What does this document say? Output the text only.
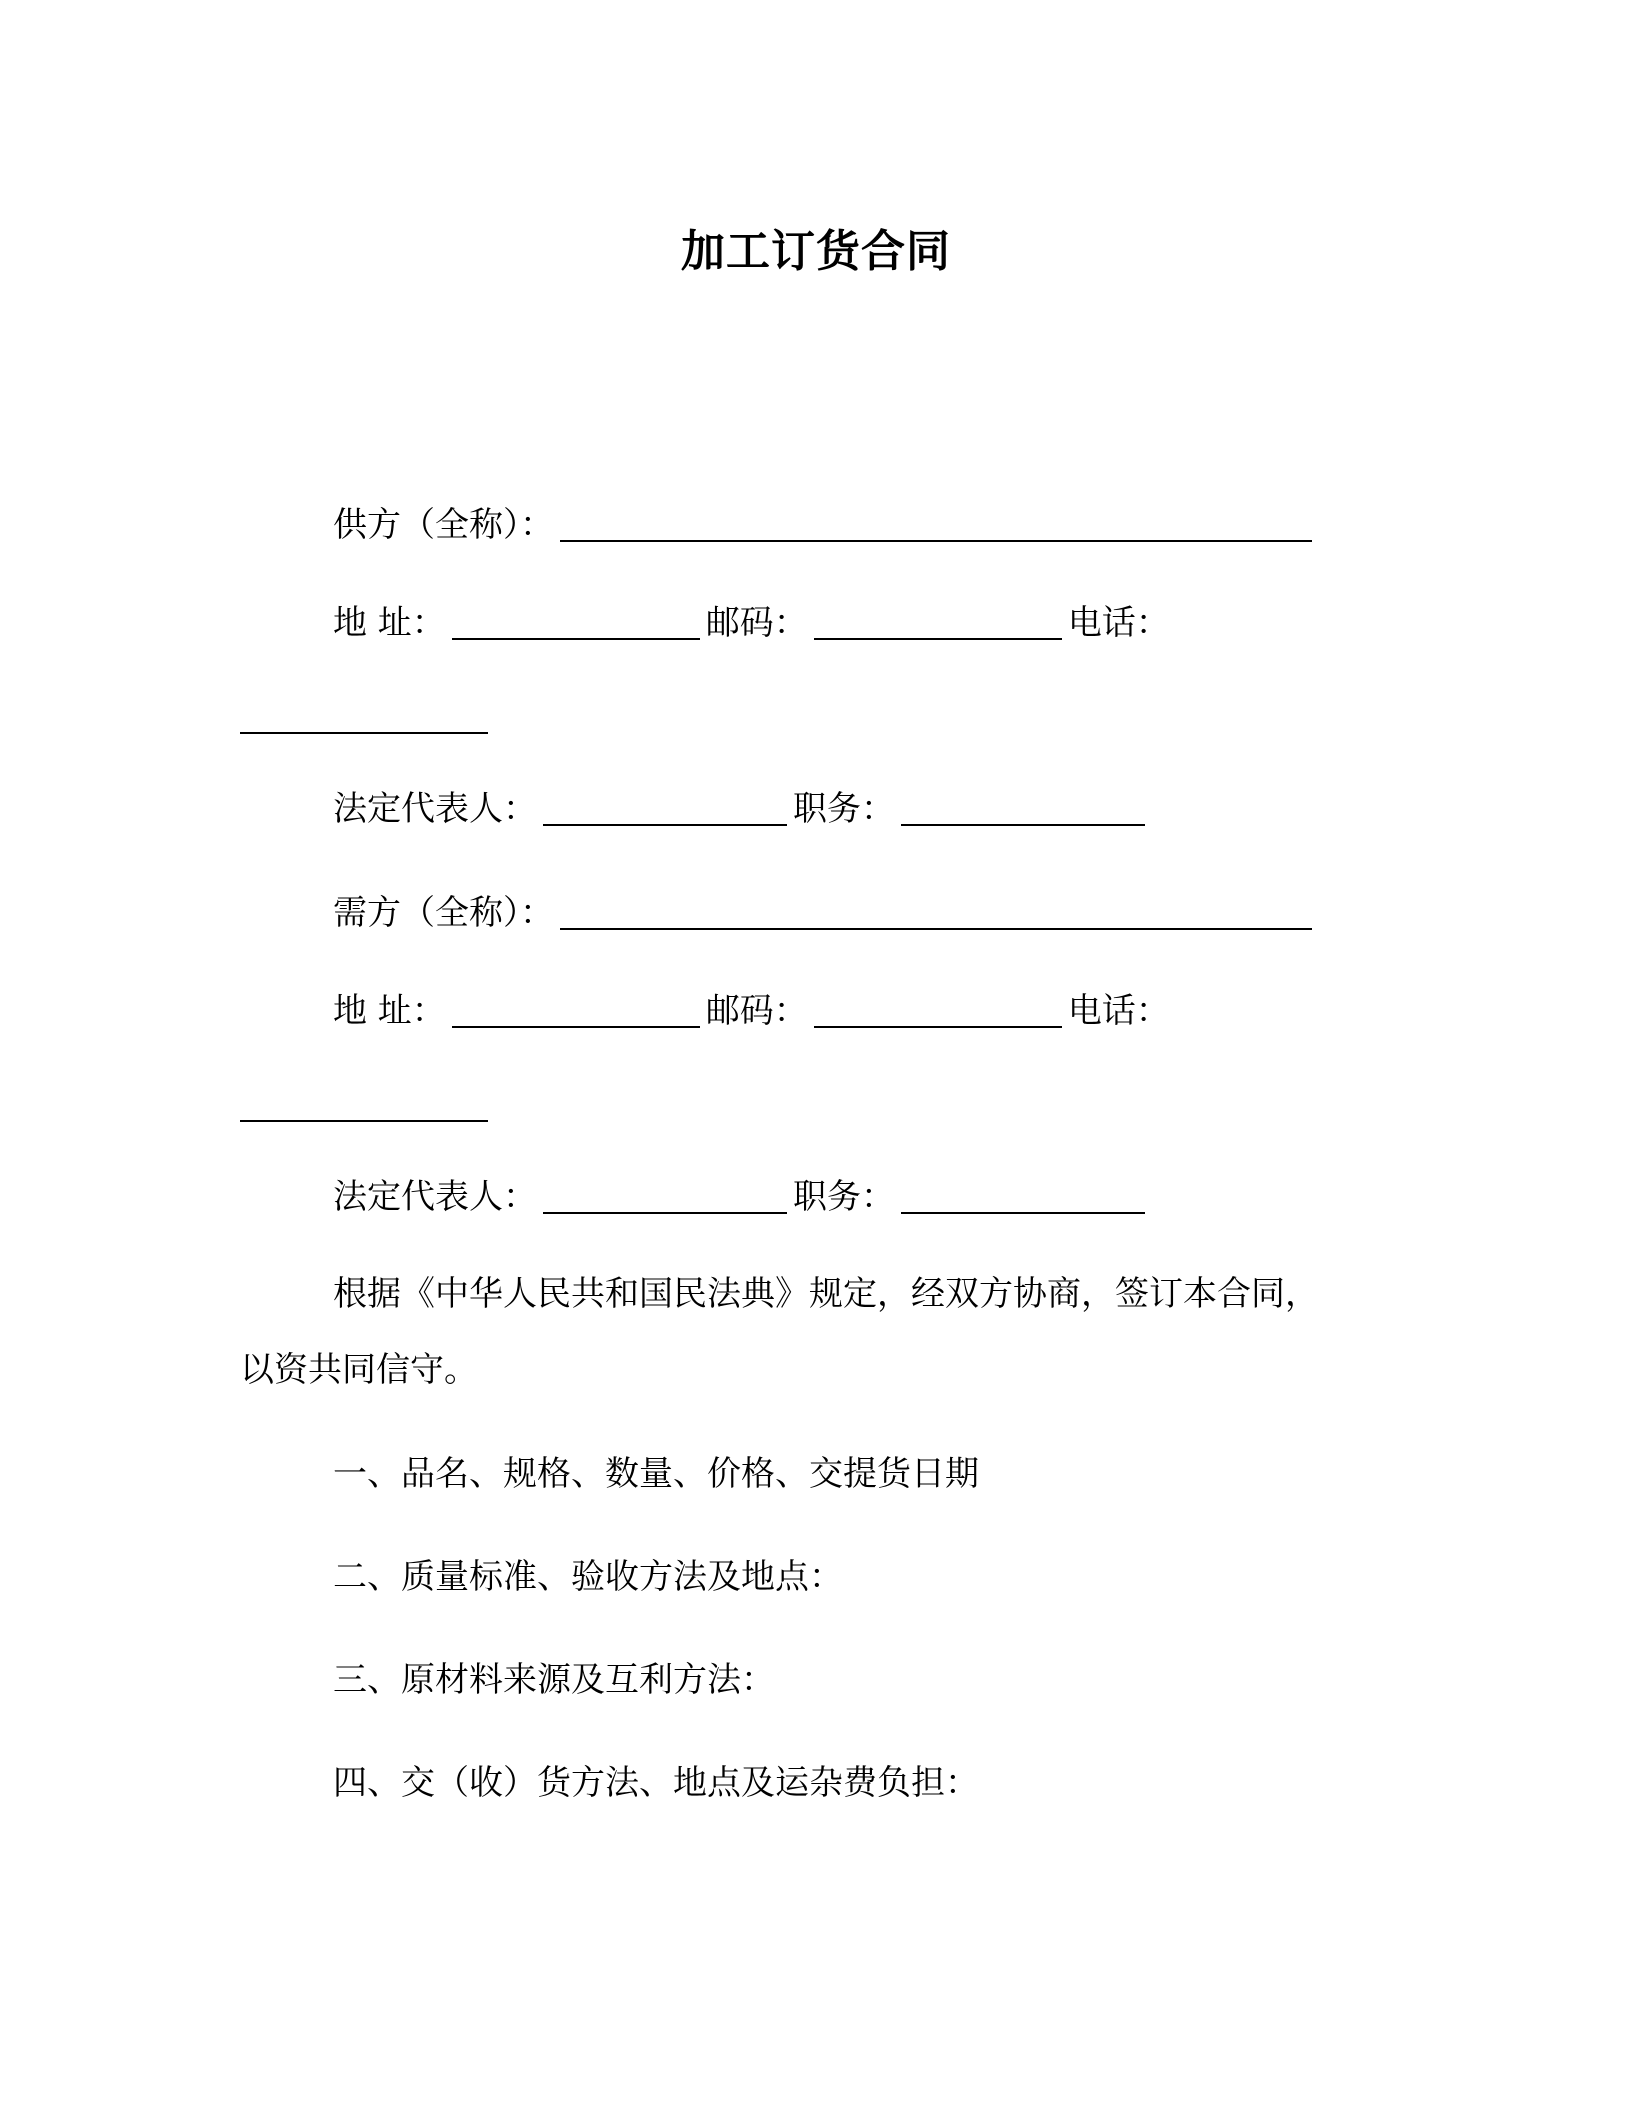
加工订货合同
供方（全称）：
地 址：	邮码：	电话：
法定代表人：	职务：
需方（全称）：
地 址：	邮码：	电话：
法定代表人：	职务：
根据《中华人民共和国民法典》规定，经双方协商，签订本合同，
以资共同信守。
一、品名、规格、数量、价格、交提货日期
二、质量标准、验收方法及地点：
三、原材料来源及互利方法：
四、交（收）货方法、地点及运杂费负担：
